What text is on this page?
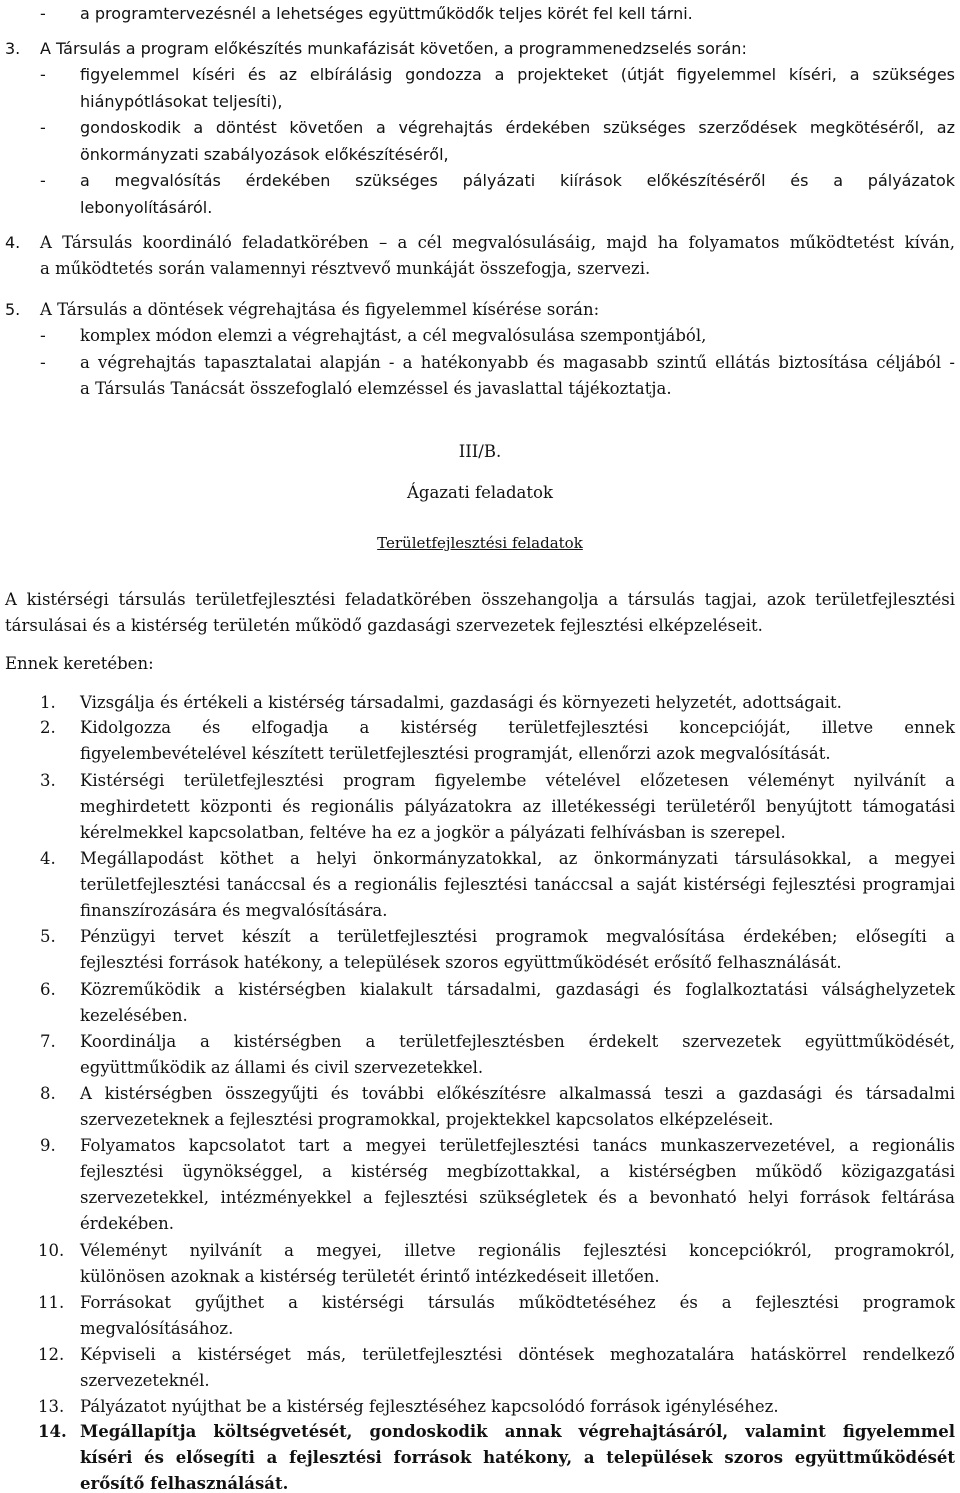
- a programtervezésnél a lehetséges együttműködők teljes körét fel kell tárni.
3. A Társulás a program előkészítés munkafázisát követően, a programmenedzselés során:
- figyelemmel kíséri és az elbírálásig gondozza a projekteket (útját figyelemmel kíséri, a szükséges
hiánypótlásokat teljesíti),
- gondoskodik a döntést követően a végrehajtás érdekében szükséges szerződések megkötéséről, az
önkormányzati szabályozások előkészítéséről,
- a megvalósítás érdekében szükséges pályázati kiírások előkészítéséről és a pályázatok
lebonyolításáról.
4. A Társulás koordináló feladatkörében – a cél megvalósulásáig, majd ha folyamatos működtetést kíván,
a működtetés során valamennyi résztvevő munkáját összefogja, szervezi.
5. A Társulás a döntések végrehajtása és figyelemmel kísérése során:
- komplex módon elemzi a végrehajtást, a cél megvalósulása szempontjából,
- a végrehajtás tapasztalatai alapján - a hatékonyabb és magasabb szintű ellátás biztosítása céljából -
a Társulás Tanácsát összefoglaló elemzéssel és javaslattal tájékoztatja.
III/B.
Ágazati feladatok
Területfejlesztési feladatok
A kistérségi társulás területfejlesztési feladatkörében összehangolja a társulás tagjai, azok területfejlesztési
társulásai és a kistérség területén működő gazdasági szervezetek fejlesztési elképzeléseit.
Ennek keretében:
1. Vizsgálja és értékeli a kistérség társadalmi, gazdasági és környezeti helyzetét, adottságait.
2. Kidolgozza és elfogadja a kistérség területfejlesztési koncepcióját, illetve ennek
figyelembevételével készített területfejlesztési programját, ellenőrzi azok megvalósítását.
3. Kistérségi területfejlesztési program figyelembe vételével előzetesen véleményt nyilvánít a
meghirdetett központi és regionális pályázatokra az illetékességi területéről benyújtott támogatási
kérelmekkel kapcsolatban, feltéve ha ez a jogkör a pályázati felhívásban is szerepel.
4. Megállapodást köthet a helyi önkormányzatokkal, az önkormányzati társulásokkal, a megyei
területfejlesztési tanáccsal és a regionális fejlesztési tanáccsal a saját kistérségi fejlesztési programjai
finanszírozására és megvalósítására.
5. Pénzügyi tervet készít a területfejlesztési programok megvalósítása érdekében; elősegíti a
fejlesztési források hatékony, a települések szoros együttműködését erősítő felhasználását.
6. Közreműködik a kistérségben kialakult társadalmi, gazdasági és foglalkoztatási válsághelyzetek
kezelésében.
7. Koordinálja a kistérségben a területfejlesztésben érdekelt szervezetek együttműködését,
együttműködik az állami és civil szervezetekkel.
8. A kistérségben összegyűjti és további előkészítésre alkalmassá teszi a gazdasági és társadalmi
szervezeteknek a fejlesztési programokkal, projektekkel kapcsolatos elképzeléseit.
9. Folyamatos kapcsolatot tart a megyei területfejlesztési tanács munkaszervezetével, a regionális
fejlesztési ügynökséggel, a kistérség megbízottakkal, a kistérségben működő közigazgatási
szervezetekkel, intézményekkel a fejlesztési szükségletek és a bevonható helyi források feltárása
érdekében.
10. Véleményt nyilvánít a megyei, illetve regionális fejlesztési koncepciókról, programokról,
különösen azoknak a kistérség területét érintő intézkedéseit illetően.
11. Forrásokat gyűjthet a kistérségi társulás működtetéséhez és a fejlesztési programok
megvalósításához.
12. Képviseli a kistérséget más, területfejlesztési döntések meghozatalára hatáskörrel rendelkező
szervezeteknél.
13. Pályázatot nyújthat be a kistérség fejlesztéséhez kapcsolódó források igényléséhez.
14. Megállapítja költségvetését, gondoskodik annak végrehajtásáról, valamint figyelemmel
kíséri és elősegíti a fejlesztési források hatékony, a települések szoros együttműködését
erősítő felhasználását.
